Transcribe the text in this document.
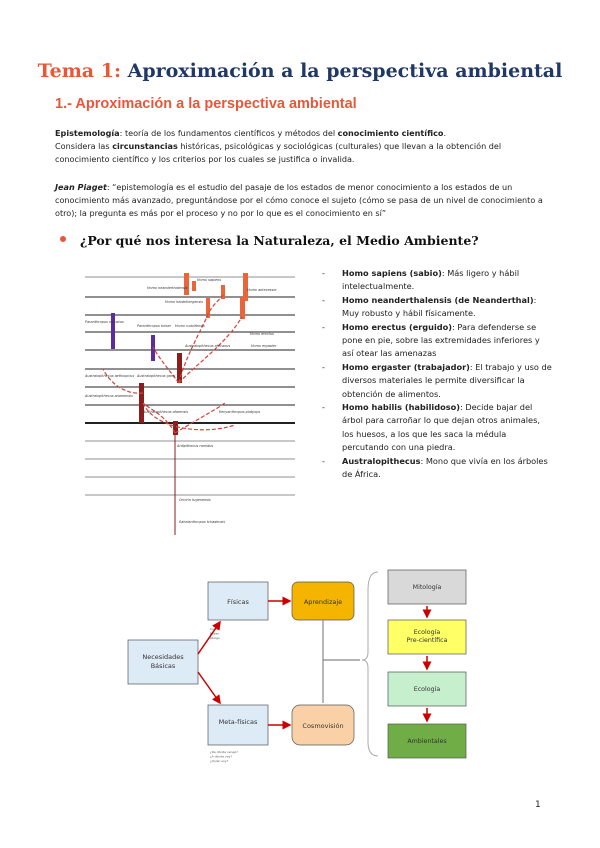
Tema 1: Aproximación a la perspectiva ambiental
1.- Aproximación a la perspectiva ambiental
Epistemología: teoría de los fundamentos científicos y métodos del conocimiento científico.
Considera las circunstancias históricas, psicológicas y sociológicas (culturales) que llevan a la obtención del conocimiento científico y los criterios por los cuales se justifica o invalida.
Jean Piaget: “epistemología es el estudio del pasaje de los estados de menor conocimiento a los estados de un conocimiento más avanzado, preguntándose por el cómo conoce el sujeto (cómo se pasa de un nivel de conocimiento a otro); la pregunta es más por el proceso y no por lo que es el conocimiento en sí”
¿Por qué nos interesa la Naturaleza, el Medio Ambiente?
- Homo sapiens (sabio): Más ligero y hábil intelectualmente.
- Homo neanderthalensis (de Neanderthal): Muy robusto y hábil físicamente.
- Homo erectus (erguido): Para defenderse se pone en pie, sobre las extremidades inferiores y así otear las amenazas
- Homo ergaster (trabajador): El trabajo y uso de diversos materiales le permite diversificar la obtención de alimentos.
- Homo habilis (habilidoso): Decide bajar del árbol para carroñar lo que dejan otros animales, los huesos, a los que les saca la médula percutando con una piedra.
- Australopithecus: Mono que vivía en los árboles de África.
Homo neanderthalensis
Homo sapiens
Homo heidelbergensis
Homo antecessor
Paranthropus robustus
Paranthropus boisei Homo rudolfensis
Homo erectus
Homo ergaster
Australopithecus africanus
Australopithecus aethiopicus Australopithecus garhi
Australopithecus anamensis
Australopithecus afarensis	Kenyanthropus platyops
Ardipithecus ramidus
Orrorin tugenensis
Sahelanthropus tchadensis
Necesidades Básicas
Físicas
Meta-físicas
Aprendizaje
Cosmovisión
Comer
Beber
Abrigo
¿De dónde vengo?
¿A dónde voy?
¿Quién soy?
Mitología
Ecología Pre-científica
Ecología
Ambientales
1
